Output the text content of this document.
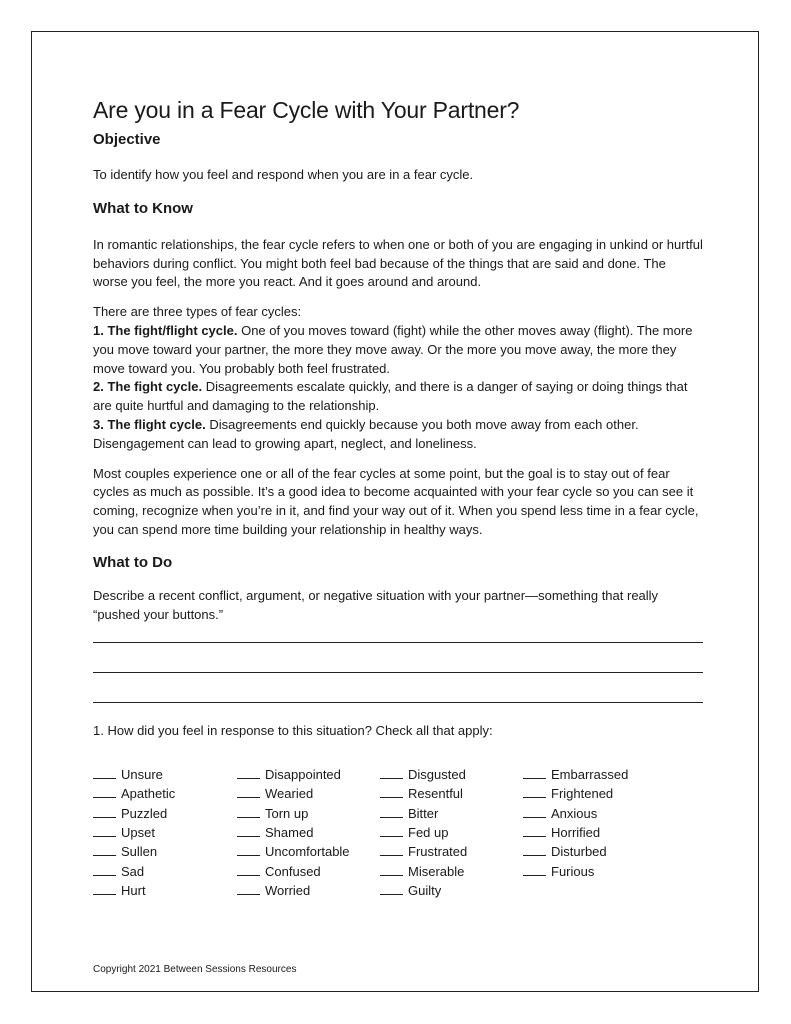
Are you in a Fear Cycle with Your Partner?
Objective

To identify how you feel and respond when you are in a fear cycle.

What to Know

In romantic relationships, the fear cycle refers to when one or both of you are engaging in unkind or hurtful behaviors during conflict. You might both feel bad because of the things that are said and done. The worse you feel, the more you react. And it goes around and around.

There are three types of fear cycles:
1. The fight/flight cycle. One of you moves toward (fight) while the other moves away (flight). The more you move toward your partner, the more they move away. Or the more you move away, the more they move toward you. You probably both feel frustrated.
2. The fight cycle. Disagreements escalate quickly, and there is a danger of saying or doing things that are quite hurtful and damaging to the relationship.
3. The flight cycle. Disagreements end quickly because you both move away from each other. Disengagement can lead to growing apart, neglect, and loneliness.

Most couples experience one or all of the fear cycles at some point, but the goal is to stay out of fear cycles as much as possible. It’s a good idea to become acquainted with your fear cycle so you can see it coming, recognize when you’re in it, and find your way out of it. When you spend less time in a fear cycle, you can spend more time building your relationship in healthy ways.

What to Do

Describe a recent conflict, argument, or negative situation with your partner—something that really “pushed your buttons.”

1. How did you feel in response to this situation? Check all that apply:

Unsure
Apathetic
Puzzled
Upset
Sullen
Sad
Hurt
Disappointed
Wearied
Torn up
Shamed
Uncomfortable
Confused
Worried
Disgusted
Resentful
Bitter
Fed up
Frustrated
Miserable
Guilty
Embarrassed
Frightened
Anxious
Horrified
Disturbed
Furious
Copyright 2021 Between Sessions Resources
